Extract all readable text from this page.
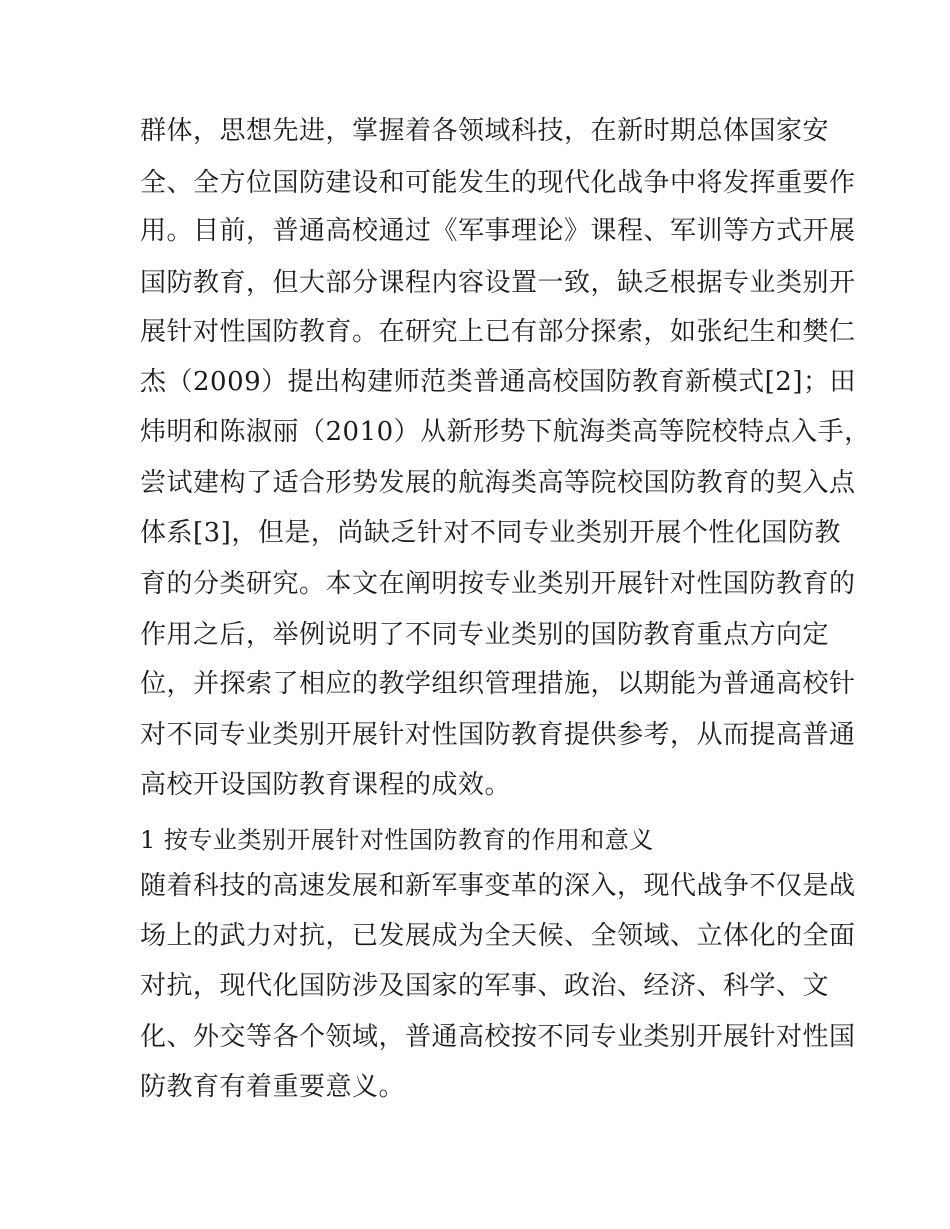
群体，思想先进，掌握着各领域科技，在新时期总体国家安
全、全方位国防建设和可能发生的现代化战争中将发挥重要作
用。目前，普通高校通过《军事理论》课程、军训等方式开展
国防教育，但大部分课程内容设置一致，缺乏根据专业类别开
展针对性国防教育。在研究上已有部分探索，如张纪生和樊仁
杰（2009）提出构建师范类普通高校国防教育新模式[2]；田
炜明和陈淑丽（2010）从新形势下航海类高等院校特点入手，
尝试建构了适合形势发展的航海类高等院校国防教育的契入点
体系[3]，但是，尚缺乏针对不同专业类别开展个性化国防教
育的分类研究。本文在阐明按专业类别开展针对性国防教育的
作用之后，举例说明了不同专业类别的国防教育重点方向定
位，并探索了相应的教学组织管理措施，以期能为普通高校针
对不同专业类别开展针对性国防教育提供参考，从而提高普通
高校开设国防教育课程的成效。
1 按专业类别开展针对性国防教育的作用和意义
随着科技的高速发展和新军事变革的深入，现代战争不仅是战
场上的武力对抗，已发展成为全天候、全领域、立体化的全面
对抗，现代化国防涉及国家的军事、政治、经济、科学、文
化、外交等各个领域，普通高校按不同专业类别开展针对性国
防教育有着重要意义。
